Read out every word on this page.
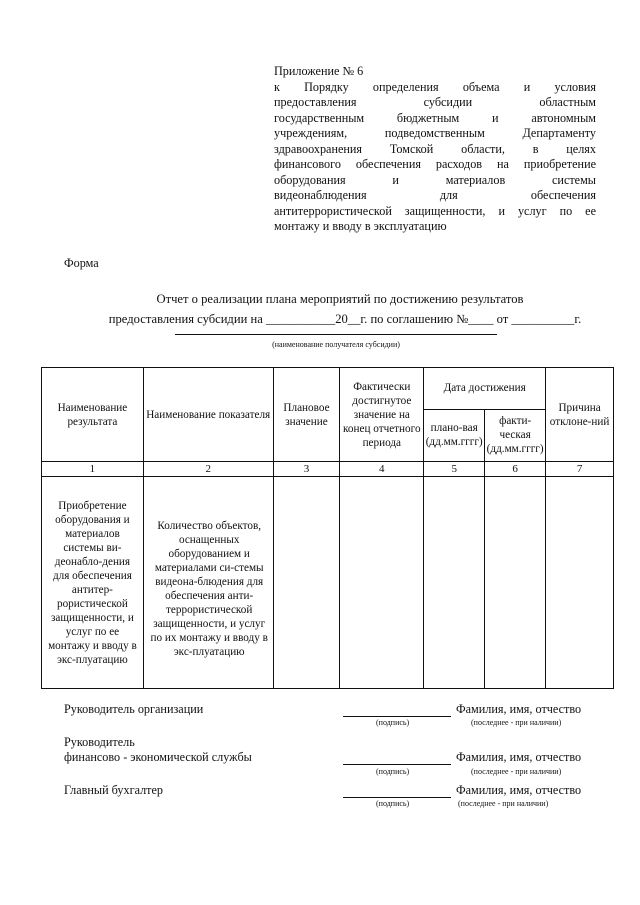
Приложение № 6
к Порядку определения объема и условия
предоставления субсидии областным
государственным бюджетным и автономным
учреждениям, подведомственным Департаменту
здравоохранения Томской области, в целях
финансового обеспечения расходов на приобретение
оборудования и материалов системы
видеонаблюдения для обеспечения
антитеррористической защищенности, и услуг по ее
монтажу и вводу в эксплуатацию
Форма
Отчет о реализации плана мероприятий по достижению результатов

предоставления субсидии на ___________20__г. по соглашению №____ от __________г.
(наименование получателя субсидии)
Наименование результата	Наименование показателя	Плановое значение	Фактически достигнутое значение на конец отчетного периода	Дата достижения		Причина отклоне-ний
				плано-вая (дд.мм.гггг)	факти-ческая (дд.мм.гггг)	
1	2	3	4	5	6	7
Приобретение оборудования и материалов системы ви-деонабло-дения для обеспечения антитер-рористической защищенности, и услуг по ее монтажу и вводу в экс-плуатацию	Количество объектов, оснащенных оборудованием и материалами си-стемы видеона-блюдения для обеспечения анти-террористической защищенности, и услуг по их монтажу и вводу в экс-плуатацию					
Руководитель организации	Фамилия, имя, отчество
(подпись)	(последнее - при наличии)
Руководитель
финансово - экономической службы	Фамилия, имя, отчество
(подпись)	(последнее - при наличии)
Главный бухгалтер	Фамилия, имя, отчество
(подпись)	(последнее - при наличии)
